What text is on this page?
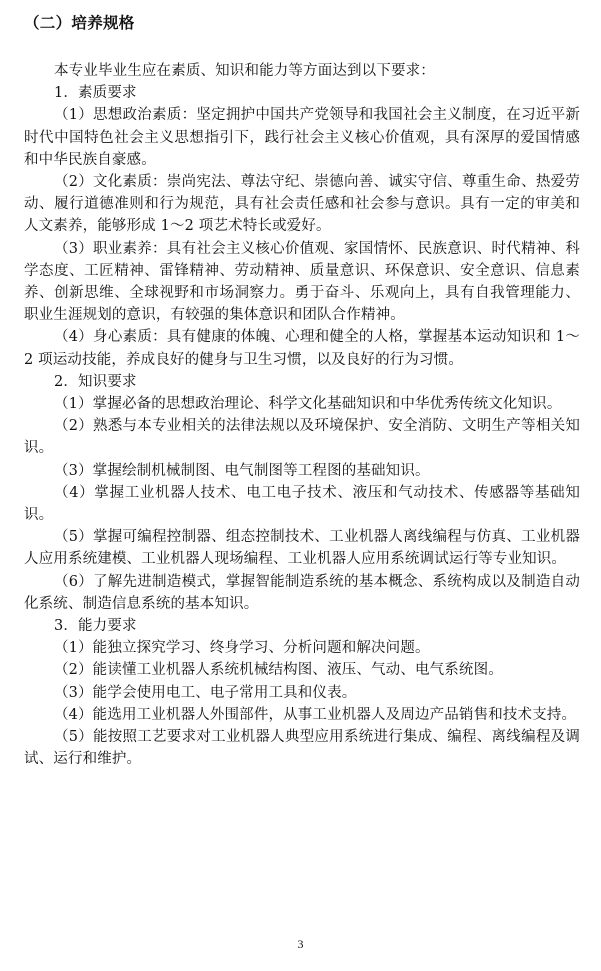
（二）培养规格

本专业毕业生应在素质、知识和能力等方面达到以下要求：

1．素质要求

（1）思想政治素质：坚定拥护中国共产党领导和我国社会主义制度，在习近平新时代中国特色社会主义思想指引下，践行社会主义核心价值观，具有深厚的爱国情感和中华民族自豪感。

（2）文化素质：崇尚宪法、尊法守纪、崇德向善、诚实守信、尊重生命、热爱劳动、履行道德准则和行为规范，具有社会责任感和社会参与意识。具有一定的审美和人文素养，能够形成 1～2 项艺术特长或爱好。

（3）职业素养：具有社会主义核心价值观、家国情怀、民族意识、时代精神、科学态度、工匠精神、雷锋精神、劳动精神、质量意识、环保意识、安全意识、信息素养、创新思维、全球视野和市场洞察力。勇于奋斗、乐观向上，具有自我管理能力、职业生涯规划的意识，有较强的集体意识和团队合作精神。

（4）身心素质：具有健康的体魄、心理和健全的人格，掌握基本运动知识和 1～2 项运动技能，养成良好的健身与卫生习惯，以及良好的行为习惯。

2．知识要求

（1）掌握必备的思想政治理论、科学文化基础知识和中华优秀传统文化知识。

（2）熟悉与本专业相关的法律法规以及环境保护、安全消防、文明生产等相关知识。

（3）掌握绘制机械制图、电气制图等工程图的基础知识。

（4）掌握工业机器人技术、电工电子技术、液压和气动技术、传感器等基础知识。

（5）掌握可编程控制器、组态控制技术、工业机器人离线编程与仿真、工业机器人应用系统建模、工业机器人现场编程、工业机器人应用系统调试运行等专业知识。

（6）了解先进制造模式，掌握智能制造系统的基本概念、系统构成以及制造自动化系统、制造信息系统的基本知识。

3．能力要求

（1）能独立探究学习、终身学习、分析问题和解决问题。

（2）能读懂工业机器人系统机械结构图、液压、气动、电气系统图。

（3）能学会使用电工、电子常用工具和仪表。

（4）能选用工业机器人外围部件，从事工业机器人及周边产品销售和技术支持。

（5）能按照工艺要求对工业机器人典型应用系统进行集成、编程、离线编程及调试、运行和维护。

3
